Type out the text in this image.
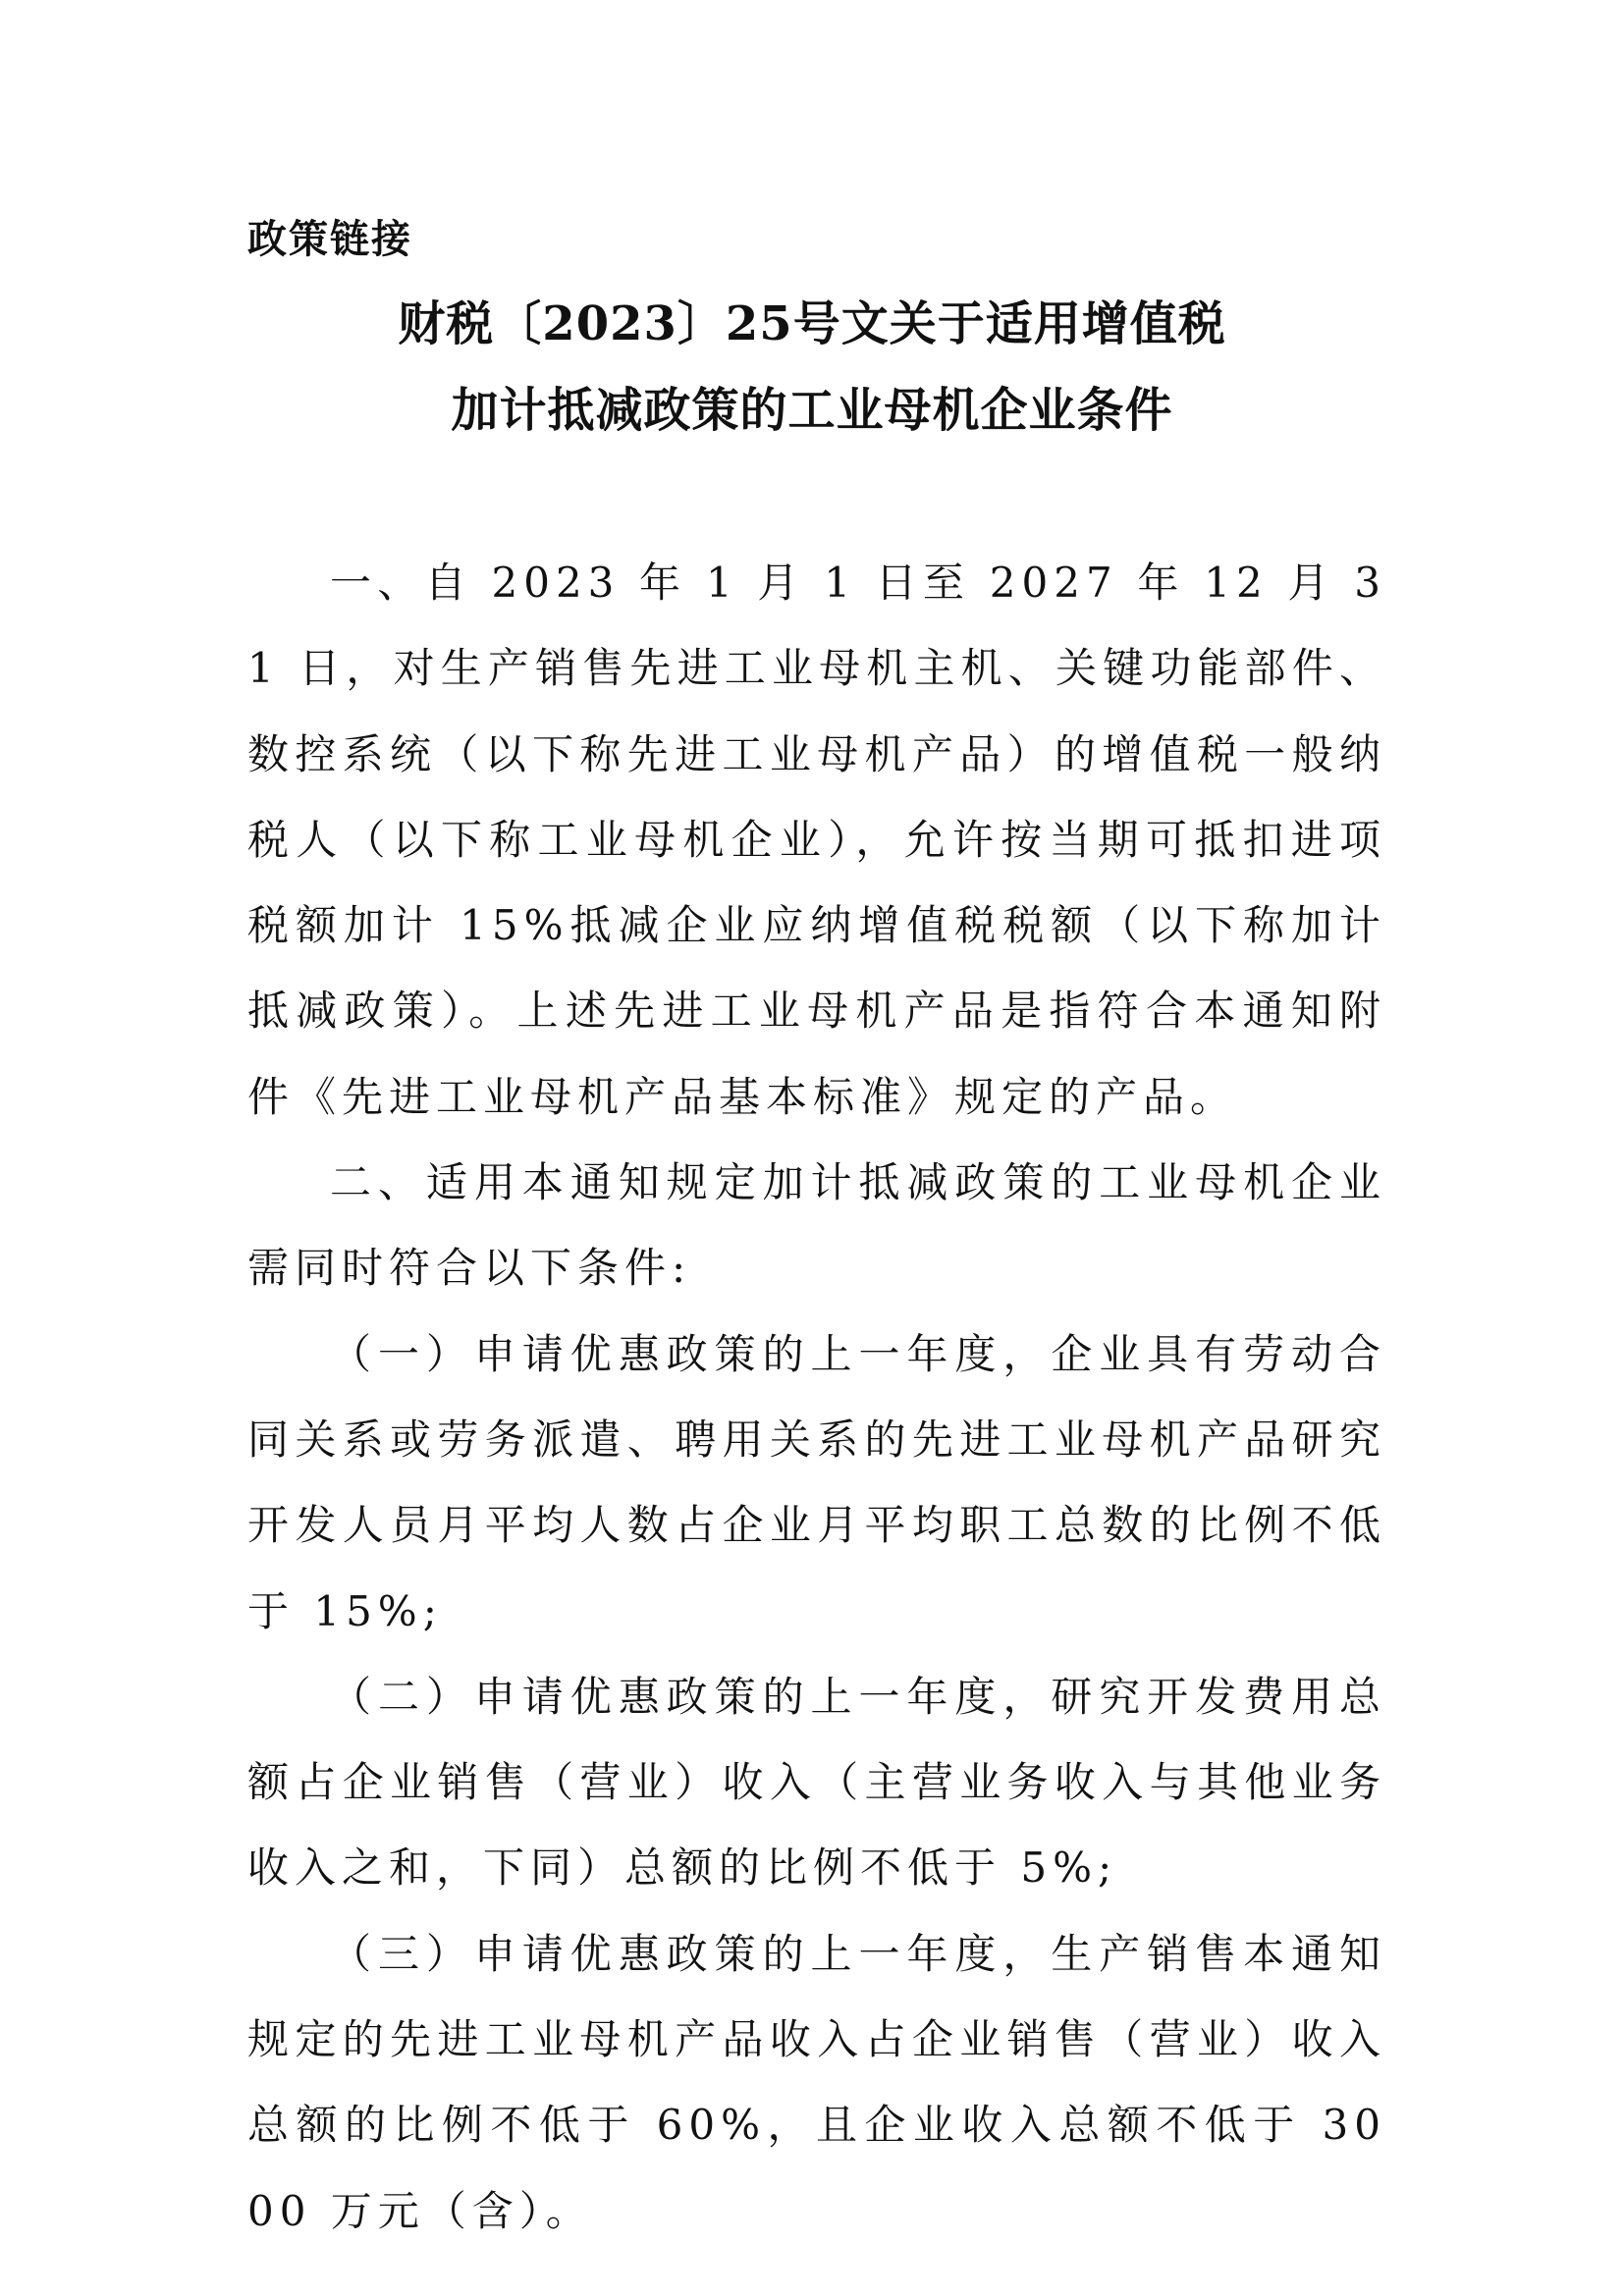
政策链接
财税〔2023〕25号文关于适用增值税
加计抵减政策的工业母机企业条件

一、自 2023 年 1 月 1 日至 2027 年 12 月 31 日，对生产销售先进工业母机主机、关键功能部件、数控系统（以下称先进工业母机产品）的增值税一般纳税人（以下称工业母机企业），允许按当期可抵扣进项税额加计 15%抵减企业应纳增值税税额（以下称加计抵减政策）。上述先进工业母机产品是指符合本通知附件《先进工业母机产品基本标准》规定的产品。

二、适用本通知规定加计抵减政策的工业母机企业需同时符合以下条件:

（一）申请优惠政策的上一年度，企业具有劳动合同关系或劳务派遣、聘用关系的先进工业母机产品研究开发人员月平均人数占企业月平均职工总数的比例不低于 15%;

（二）申请优惠政策的上一年度，研究开发费用总额占企业销售（营业）收入（主营业务收入与其他业务收入之和，下同）总额的比例不低于 5%;

（三）申请优惠政策的上一年度，生产销售本通知规定的先进工业母机产品收入占企业销售（营业）收入总额的比例不低于 60%，且企业收入总额不低于 3000 万元（含）。
